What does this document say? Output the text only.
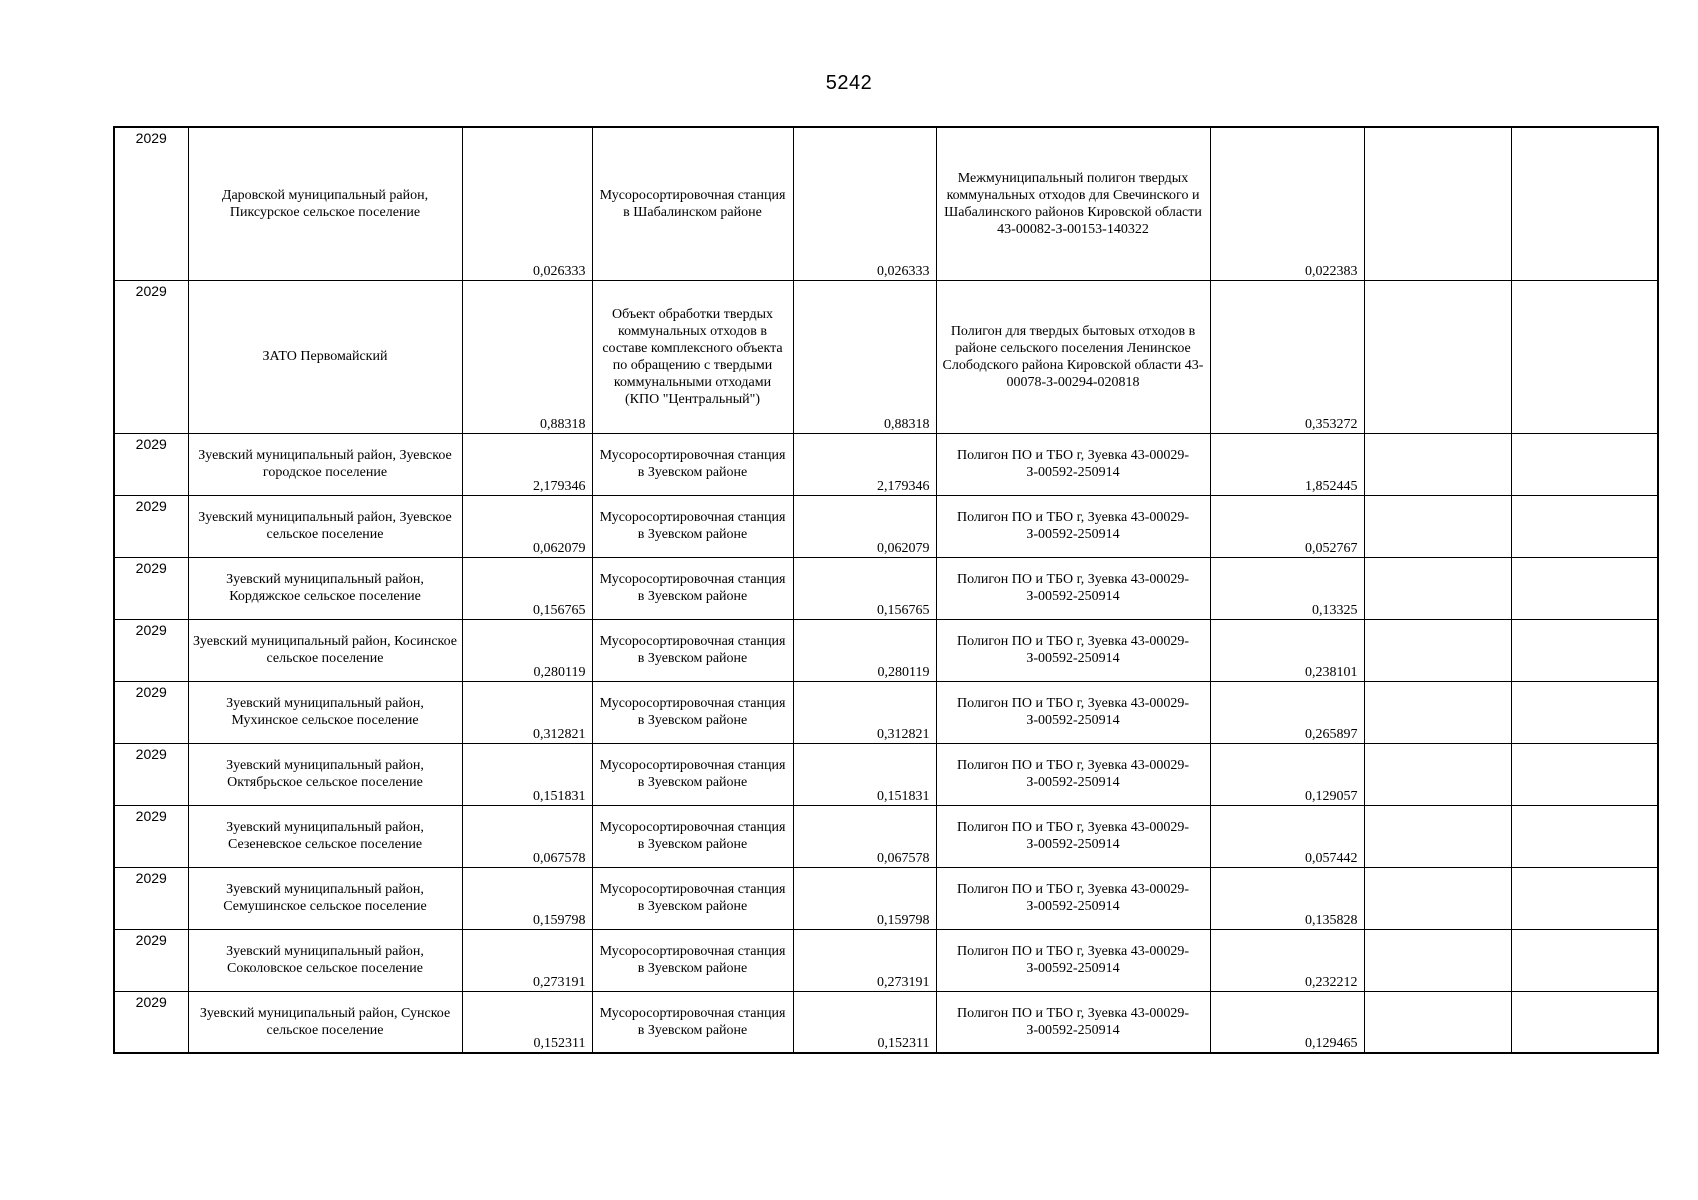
5242
2029	Даровской муниципальный район, Пиксурское сельское поселение	0,026333	Мусоросортировочная станция в Шабалинском районе	0,026333	Межмуниципальный полигон твердых коммунальных отходов для Свечинского и Шабалинского районов Кировской области 43-00082-З-00153-140322	0,022383		
2029	ЗАТО Первомайский	0,88318	Объект обработки твердых коммунальных отходов в составе комплексного объекта по обращению с твердыми коммунальными отходами (КПО "Центральный")	0,88318	Полигон для твердых бытовых отходов в районе сельского поселения Ленинское Слободского района Кировской области 43-00078-З-00294-020818	0,353272		
2029	Зуевский муниципальный район, Зуевское городское поселение	2,179346	Мусоросортировочная станция в Зуевском районе	2,179346	Полигон ПО и ТБО г, Зуевка 43-00029-З-00592-250914	1,852445		
2029	Зуевский муниципальный район, Зуевское сельское поселение	0,062079	Мусоросортировочная станция в Зуевском районе	0,062079	Полигон ПО и ТБО г, Зуевка 43-00029-З-00592-250914	0,052767		
2029	Зуевский муниципальный район, Кордяжское сельское поселение	0,156765	Мусоросортировочная станция в Зуевском районе	0,156765	Полигон ПО и ТБО г, Зуевка 43-00029-З-00592-250914	0,13325		
2029	Зуевский муниципальный район, Косинское сельское поселение	0,280119	Мусоросортировочная станция в Зуевском районе	0,280119	Полигон ПО и ТБО г, Зуевка 43-00029-З-00592-250914	0,238101		
2029	Зуевский муниципальный район, Мухинское сельское поселение	0,312821	Мусоросортировочная станция в Зуевском районе	0,312821	Полигон ПО и ТБО г, Зуевка 43-00029-З-00592-250914	0,265897		
2029	Зуевский муниципальный район, Октябрьское сельское поселение	0,151831	Мусоросортировочная станция в Зуевском районе	0,151831	Полигон ПО и ТБО г, Зуевка 43-00029-З-00592-250914	0,129057		
2029	Зуевский муниципальный район, Сезеневское сельское поселение	0,067578	Мусоросортировочная станция в Зуевском районе	0,067578	Полигон ПО и ТБО г, Зуевка 43-00029-З-00592-250914	0,057442		
2029	Зуевский муниципальный район, Семушинское сельское поселение	0,159798	Мусоросортировочная станция в Зуевском районе	0,159798	Полигон ПО и ТБО г, Зуевка 43-00029-З-00592-250914	0,135828		
2029	Зуевский муниципальный район, Соколовское сельское поселение	0,273191	Мусоросортировочная станция в Зуевском районе	0,273191	Полигон ПО и ТБО г, Зуевка 43-00029-З-00592-250914	0,232212		
2029	Зуевский муниципальный район, Сунское сельское поселение	0,152311	Мусоросортировочная станция в Зуевском районе	0,152311	Полигон ПО и ТБО г, Зуевка 43-00029-З-00592-250914	0,129465		
